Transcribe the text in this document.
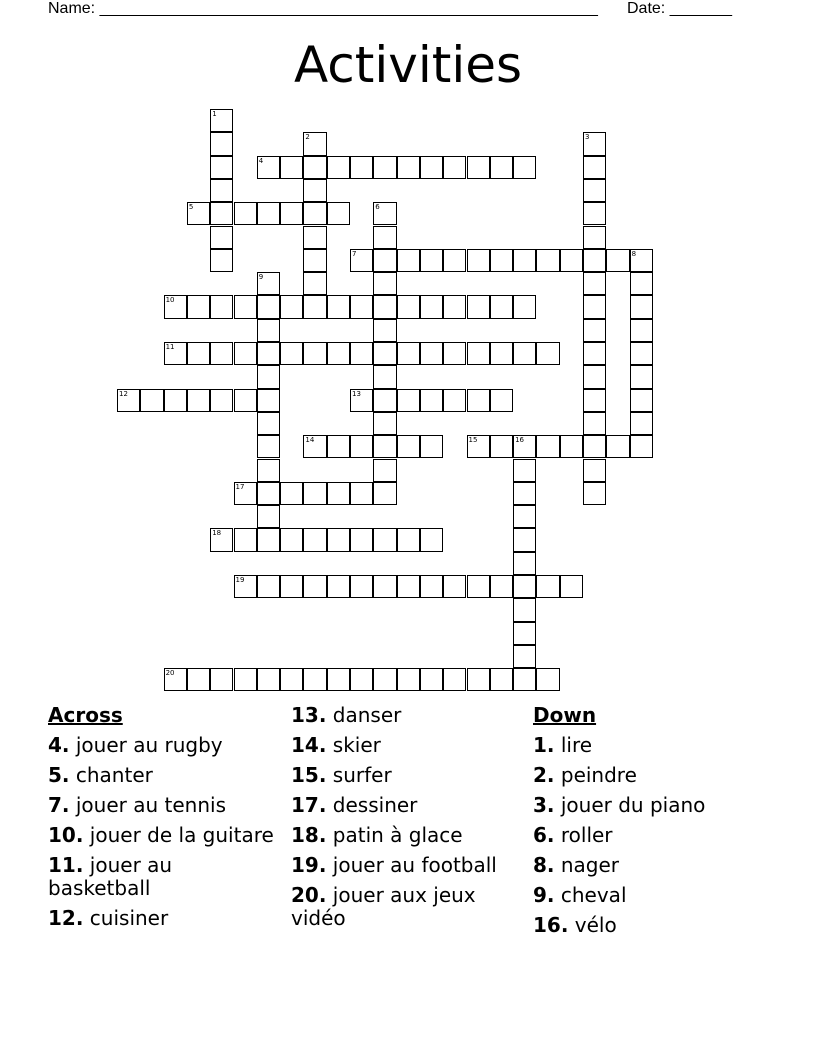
Name: ________________________________________________________ Date: _______
Activities
1
2	3
4
5	6
7	8
9
10
11
12	13
14	15	16
17
18
19
20
Across
4. jouer au rugby
5. chanter
7. jouer au tennis
10. jouer de la guitare
11. jouer au basketball
12. cuisiner
13. danser
14. skier
15. surfer
17. dessiner
18. patin à glace
19. jouer au football
20. jouer aux jeux vidéo
Down
1. lire
2. peindre
3. jouer du piano
6. roller
8. nager
9. cheval
16. vélo
